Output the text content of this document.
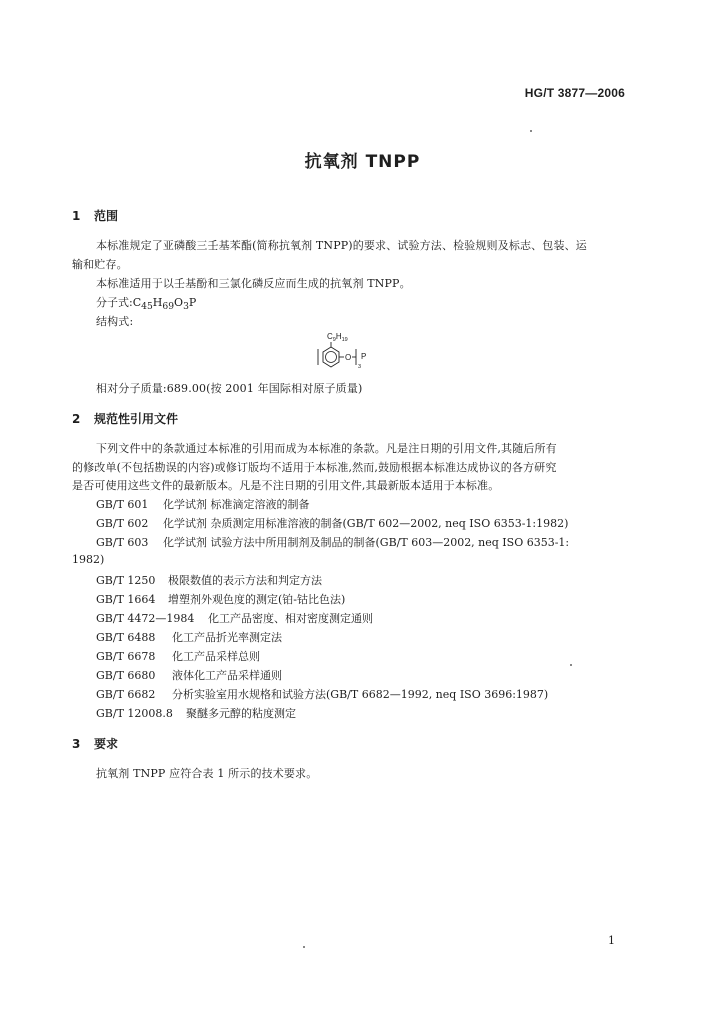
HG/T 3877—2006
抗氧剂 TNPP
1 范围
本标准规定了亚磷酸三壬基苯酯(简称抗氧剂 TNPP)的要求、试验方法、检验规则及标志、包装、运
输和贮存。
本标准适用于以壬基酚和三氯化磷反应而生成的抗氧剂 TNPP。
分子式$:C_{45}H_{69}O_3P$
结构式:
$C_9H_{19}$
O
3
P
相对分子质量:689.00(按 2001 年国际相对原子质量)
2 规范性引用文件
下列文件中的条款通过本标准的引用而成为本标准的条款。凡是注日期的引用文件,其随后所有
的修改单(不包括勘误的内容)或修订版均不适用于本标准,然而,鼓励根据本标准达成协议的各方研究
是否可使用这些文件的最新版本。凡是不注日期的引用文件,其最新版本适用于本标准。
GB/T 601 化学试剂 标准滴定溶液的制备
GB/T 602 化学试剂 杂质测定用标准溶液的制备(GB/T 602—2002, neq ISO 6353-1:1982)
GB/T 603 化学试剂 试验方法中所用制剂及制品的制备(GB/T 603—2002, neq ISO 6353-1:
1982)
GB/T 1250 极限数值的表示方法和判定方法
GB/T 1664 增塑剂外观色度的测定(铂-钴比色法)
GB/T 4472—1984 化工产品密度、相对密度测定通则
GB/T 6488 化工产品折光率测定法
GB/T 6678 化工产品采样总则
GB/T 6680 液体化工产品采样通则
GB/T 6682 分析实验室用水规格和试验方法(GB/T 6682—1992, neq ISO 3696:1987)
GB/T 12008.8 聚醚多元醇的粘度测定
3 要求
抗氧剂 TNPP 应符合表 1 所示的技术要求。
1
